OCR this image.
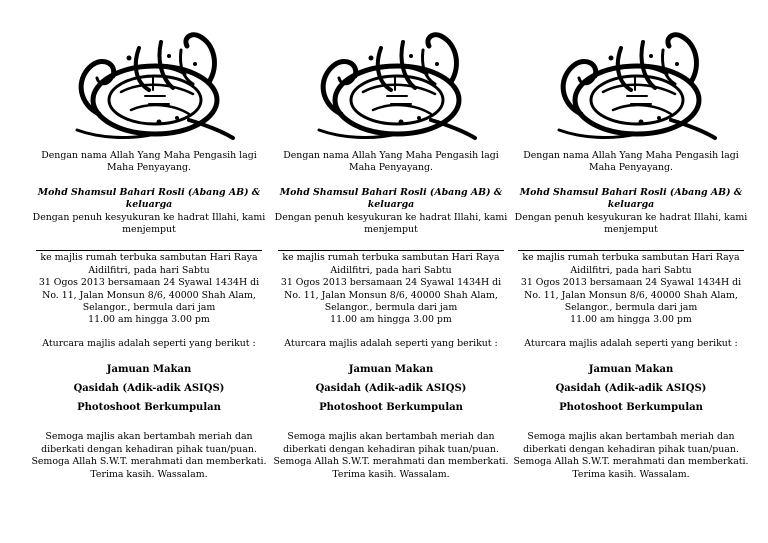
Dengan nama Allah Yang Maha Pengasih lagi Maha Penyayang.

Mohd Shamsul Bahari Rosli (Abang AB) & keluarga

Dengan penuh kesyukuran ke hadrat Illahi, kami menjemput

ke majlis rumah terbuka sambutan Hari Raya Aidilfitri, pada hari Sabtu
31 Ogos 2013 bersamaan 24 Syawal 1434H di
No. 11, Jalan Monsun 8/6, 40000 Shah Alam, Selangor., bermula dari jam
11.00 am hingga 3.00 pm

Aturcara majlis adalah seperti yang berikut :

Jamuan Makan
Qasidah (Adik-adik ASIQS)
Photoshoot Berkumpulan

Semoga majlis akan bertambah meriah dan diberkati dengan kehadiran pihak tuan/puan. Semoga Allah S.W.T. merahmati dan memberkati. Terima kasih. Wassalam.

Dengan nama Allah Yang Maha Pengasih lagi Maha Penyayang.

Mohd Shamsul Bahari Rosli (Abang AB) & keluarga

Dengan penuh kesyukuran ke hadrat Illahi, kami menjemput

ke majlis rumah terbuka sambutan Hari Raya Aidilfitri, pada hari Sabtu
31 Ogos 2013 bersamaan 24 Syawal 1434H di
No. 11, Jalan Monsun 8/6, 40000 Shah Alam, Selangor., bermula dari jam
11.00 am hingga 3.00 pm

Aturcara majlis adalah seperti yang berikut :

Jamuan Makan
Qasidah (Adik-adik ASIQS)
Photoshoot Berkumpulan

Semoga majlis akan bertambah meriah dan diberkati dengan kehadiran pihak tuan/puan. Semoga Allah S.W.T. merahmati dan memberkati. Terima kasih. Wassalam.

Dengan nama Allah Yang Maha Pengasih lagi Maha Penyayang.

Mohd Shamsul Bahari Rosli (Abang AB) & keluarga

Dengan penuh kesyukuran ke hadrat Illahi, kami menjemput

ke majlis rumah terbuka sambutan Hari Raya Aidilfitri, pada hari Sabtu
31 Ogos 2013 bersamaan 24 Syawal 1434H di
No. 11, Jalan Monsun 8/6, 40000 Shah Alam, Selangor., bermula dari jam
11.00 am hingga 3.00 pm

Aturcara majlis adalah seperti yang berikut :

Jamuan Makan
Qasidah (Adik-adik ASIQS)
Photoshoot Berkumpulan

Semoga majlis akan bertambah meriah dan diberkati dengan kehadiran pihak tuan/puan. Semoga Allah S.W.T. merahmati dan memberkati. Terima kasih. Wassalam.
